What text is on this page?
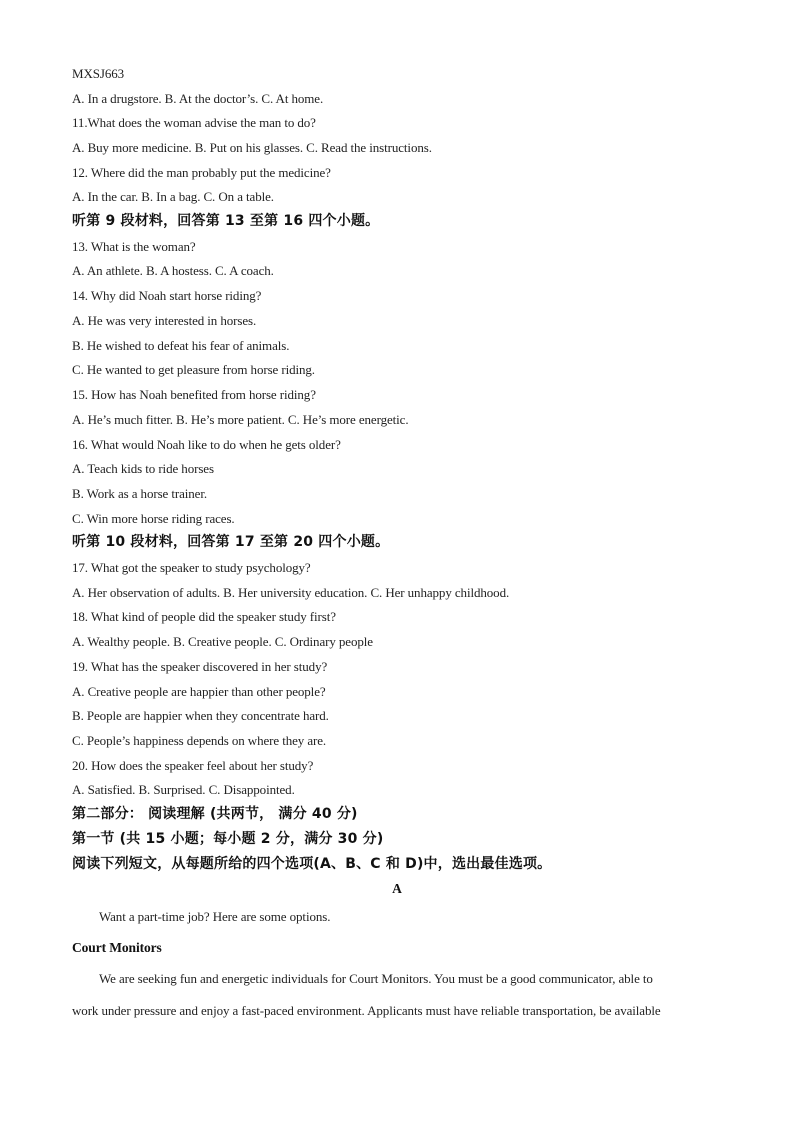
MXSJ663
A. In a drugstore. B. At the doctor’s. C. At home.
11.What does the woman advise the man to do?
A. Buy more medicine. B. Put on his glasses. C. Read the instructions.
12. Where did the man probably put the medicine?
A. In the car. B. In a bag. C. On a table.
听第 9 段材料，回答第 13 至第 16 四个小题。
13. What is the woman?
A. An athlete. B. A hostess. C. A coach.
14. Why did Noah start horse riding?
A. He was very interested in horses.
B. He wished to defeat his fear of animals.
C. He wanted to get pleasure from horse riding.
15. How has Noah benefited from horse riding?
A. He’s much fitter. B. He’s more patient. C. He’s more energetic.
16. What would Noah like to do when he gets older?
A. Teach kids to ride horses
B. Work as a horse trainer.
C. Win more horse riding races.
听第 10 段材料，回答第 17 至第 20 四个小题。
17. What got the speaker to study psychology?
A. Her observation of adults. B. Her university education. C. Her unhappy childhood.
18. What kind of people did the speaker study first?
A. Wealthy people. B. Creative people. C. Ordinary people
19. What has the speaker discovered in her study?
A. Creative people are happier than other people?
B. People are happier when they concentrate hard.
C. People’s happiness depends on where they are.
20. How does the speaker feel about her study?
A. Satisfied. B. Surprised. C. Disappointed.
第二部分： 阅读理解 (共两节， 满分 40 分)
第一节 (共 15 小题；每小题 2 分，满分 30 分)
阅读下列短文，从每题所给的四个选项(A、B、C 和 D)中，选出最佳选项。
A
Want a part-time job? Here are some options.
Court Monitors
We are seeking fun and energetic individuals for Court Monitors. You must be a good communicator, able to
work under pressure and enjoy a fast-paced environment. Applicants must have reliable transportation, be available
